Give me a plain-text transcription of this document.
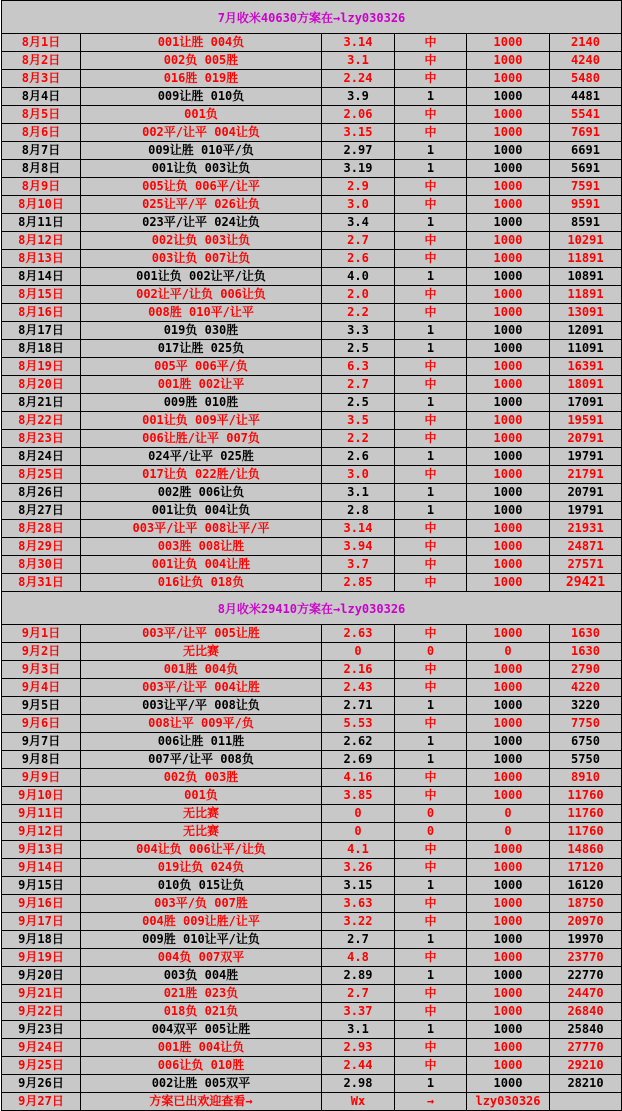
7月收米40630方案在→lzy030326
8月1日	001让胜 004负	3.14	中	1000	2140
8月2日	002负 005胜	3.1	中	1000	4240
8月3日	016胜 019胜	2.24	中	1000	5480
8月4日	009让胜 010负	3.9	1	1000	4481
8月5日	001负	2.06	中	1000	5541
8月6日	002平/让平 004让负	3.15	中	1000	7691
8月7日	009让胜 010平/负	2.97	1	1000	6691
8月8日	001让负 003让负	3.19	1	1000	5691
8月9日	005让负 006平/让平	2.9	中	1000	7591
8月10日	025让平/平 026让负	3.0	中	1000	9591
8月11日	023平/让平 024让负	3.4	1	1000	8591
8月12日	002让负 003让负	2.7	中	1000	10291
8月13日	003让负 007让负	2.6	中	1000	11891
8月14日	001让负 002让平/让负	4.0	1	1000	10891
8月15日	002让平/让负 006让负	2.0	中	1000	11891
8月16日	008胜 010平/让平	2.2	中	1000	13091
8月17日	019负 030胜	3.3	1	1000	12091
8月18日	017让胜 025负	2.5	1	1000	11091
8月19日	005平 006平/负	6.3	中	1000	16391
8月20日	001胜 002让平	2.7	中	1000	18091
8月21日	009胜 010胜	2.5	1	1000	17091
8月22日	001让负 009平/让平	3.5	中	1000	19591
8月23日	006让胜/让平 007负	2.2	中	1000	20791
8月24日	024平/让平 025胜	2.6	1	1000	19791
8月25日	017让负 022胜/让负	3.0	中	1000	21791
8月26日	002胜 006让负	3.1	1	1000	20791
8月27日	001让负 004让负	2.8	1	1000	19791
8月28日	003平/让平 008让平/平	3.14	中	1000	21931
8月29日	003胜 008让胜	3.94	中	1000	24871
8月30日	001让负 004让胜	3.7	中	1000	27571
8月31日	016让负 018负	2.85	中	1000	29421
8月收米29410方案在→lzy030326
9月1日	003平/让平 005让胜	2.63	中	1000	1630
9月2日	无比赛	0	0	0	1630
9月3日	001胜 004负	2.16	中	1000	2790
9月4日	003平/让平 004让胜	2.43	中	1000	4220
9月5日	003让平/平 008让负	2.71	1	1000	3220
9月6日	008让平 009平/负	5.53	中	1000	7750
9月7日	006让胜 011胜	2.62	1	1000	6750
9月8日	007平/让平 008负	2.69	1	1000	5750
9月9日	002负 003胜	4.16	中	1000	8910
9月10日	001负	3.85	中	1000	11760
9月11日	无比赛	0	0	0	11760
9月12日	无比赛	0	0	0	11760
9月13日	004让负 006让平/让负	4.1	中	1000	14860
9月14日	019让负 024负	3.26	中	1000	17120
9月15日	010负 015让负	3.15	1	1000	16120
9月16日	003平/负 007胜	3.63	中	1000	18750
9月17日	004胜 009让胜/让平	3.22	中	1000	20970
9月18日	009胜 010让平/让负	2.7	1	1000	19970
9月19日	004负 007双平	4.8	中	1000	23770
9月20日	003负 004胜	2.89	1	1000	22770
9月21日	021胜 023负	2.7	中	1000	24470
9月22日	018负 021负	3.37	中	1000	26840
9月23日	004双平 005让胜	3.1	1	1000	25840
9月24日	001胜 004让负	2.93	中	1000	27770
9月25日	006让负 010胜	2.44	中	1000	29210
9月26日	002让胜 005双平	2.98	1	1000	28210
9月27日	方案已出欢迎查看→	Wx	→	lzy030326
